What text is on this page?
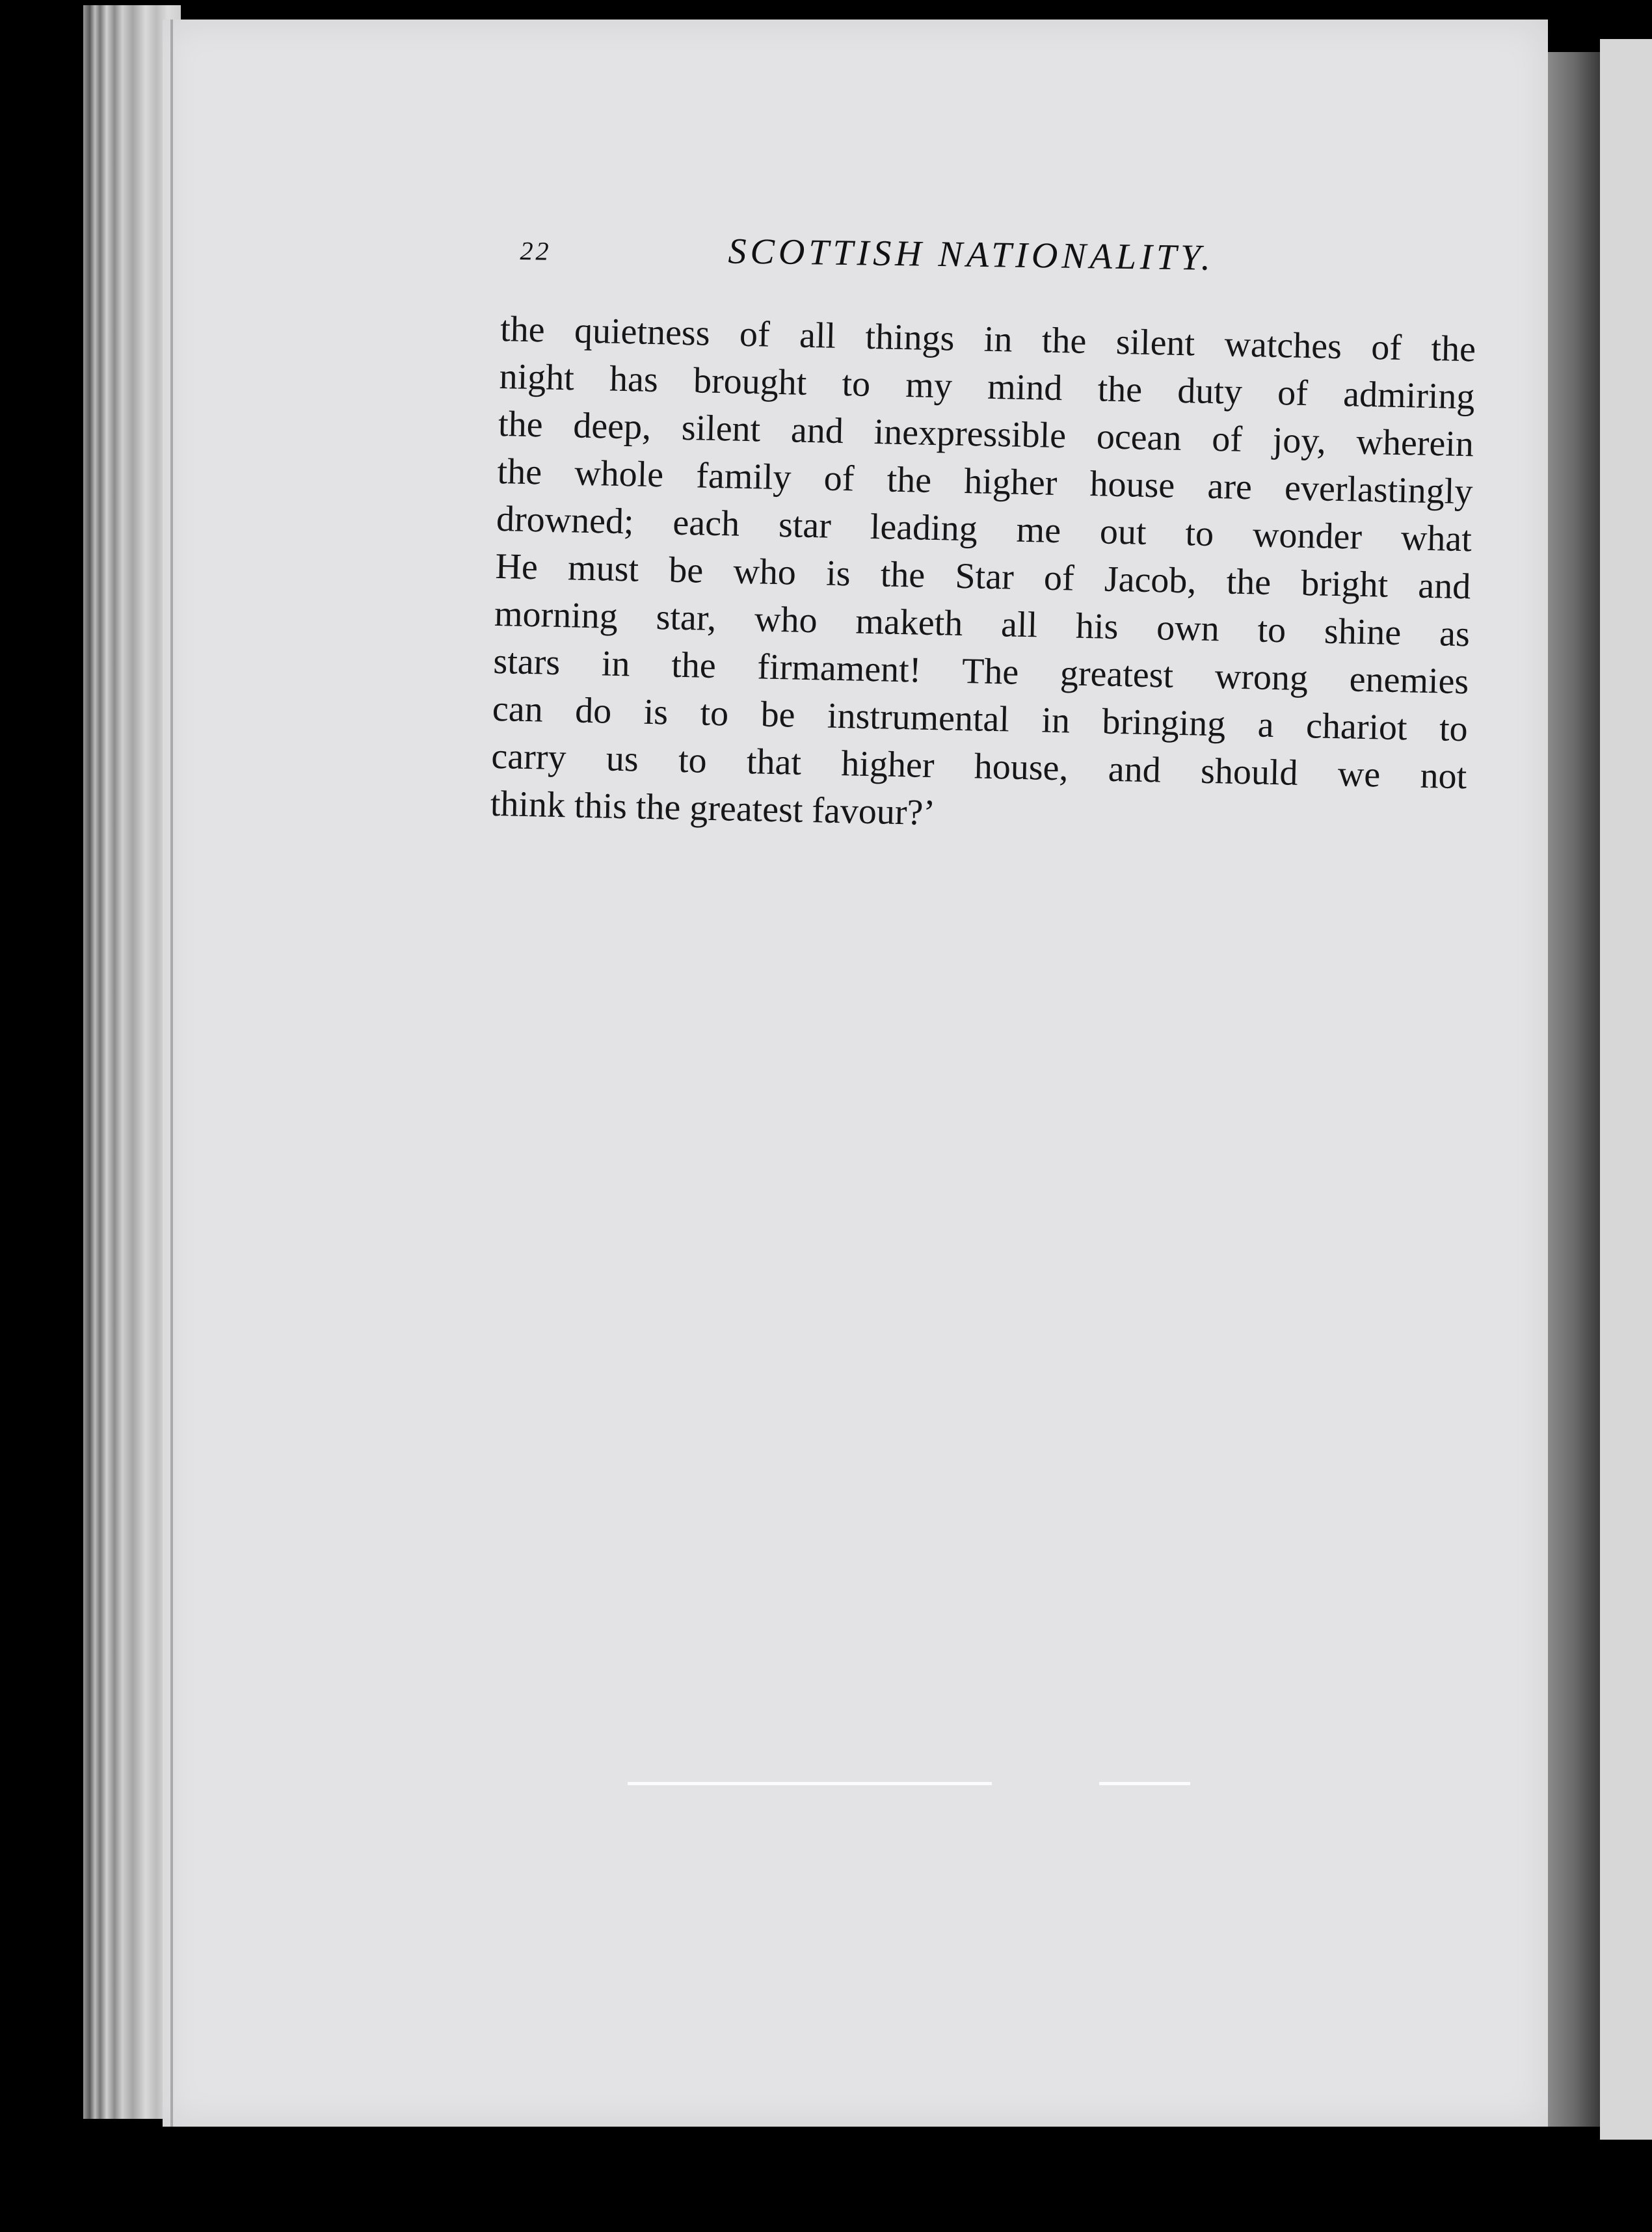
22	SCOTTISH NATIONALITY.
the quietness of all things in the silent watches of the
night has brought to my mind the duty of admiring
the deep, silent and inexpressible ocean of joy, wherein
the whole family of the higher house are everlastingly
drowned; each star leading me out to wonder what
He must be who is the Star of Jacob, the bright and
morning star, who maketh all his own to shine as
stars in the firmament! The greatest wrong enemies
can do is to be instrumental in bringing a chariot to
carry us to that higher house, and should we not
think this the greatest favour?’
